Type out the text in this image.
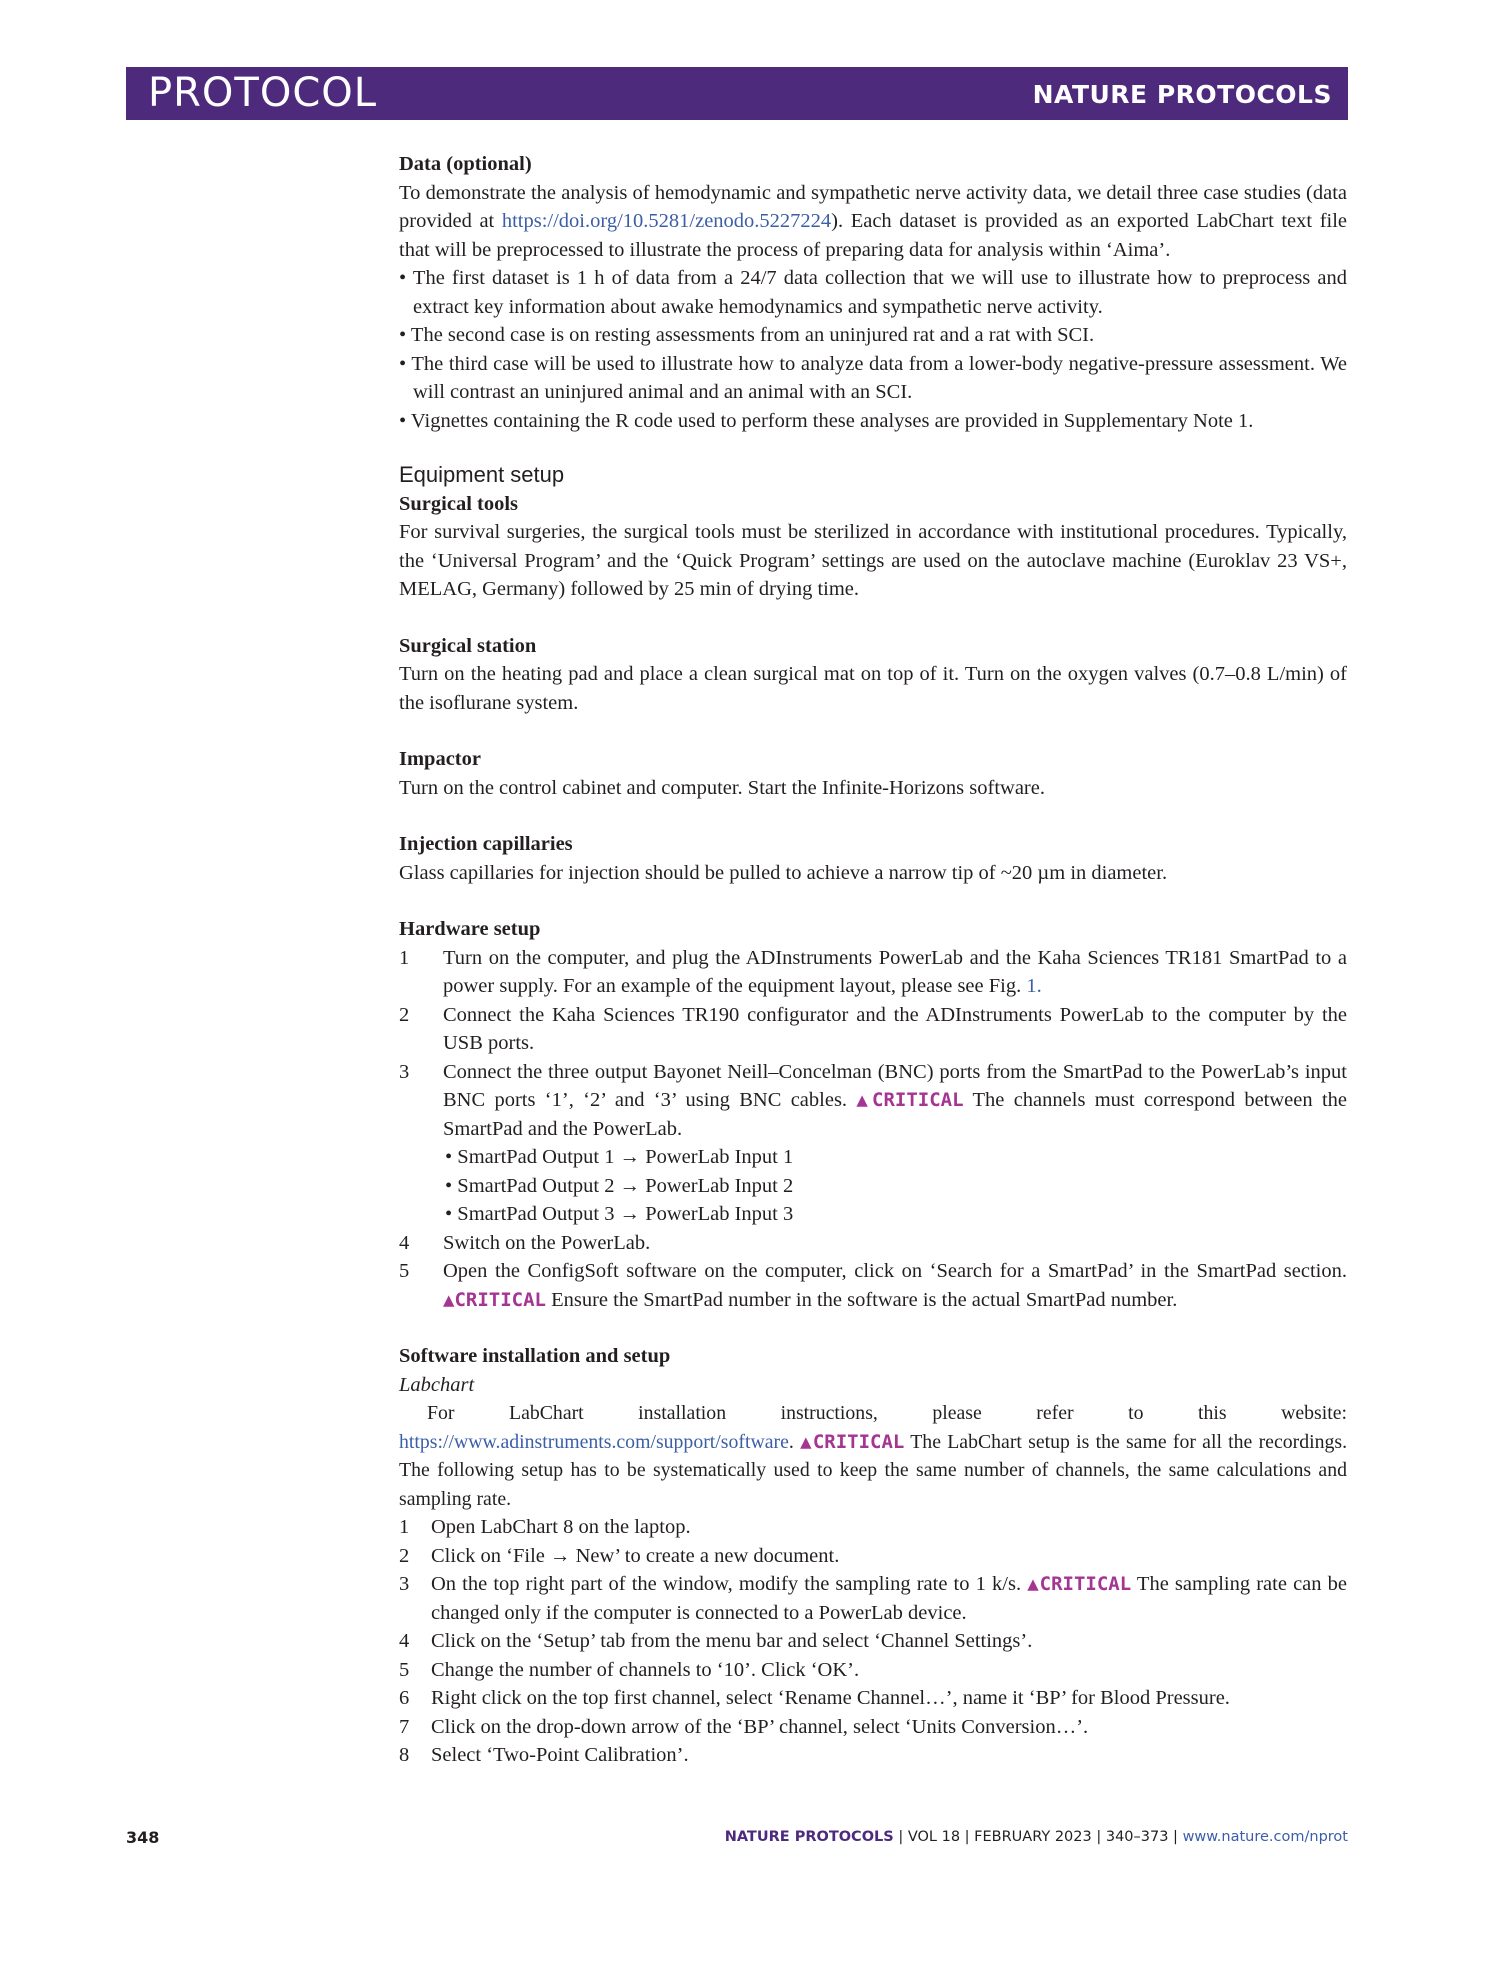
PROTOCOL	NATURE PROTOCOLS

Data (optional)

To demonstrate the analysis of hemodynamic and sympathetic nerve activity data, we detail three case studies (data provided at https://doi.org/10.5281/zenodo.5227224). Each dataset is provided as an exported LabChart text file that will be preprocessed to illustrate the process of preparing data for analysis within ‘Aima’.

• The first dataset is 1 h of data from a 24/7 data collection that we will use to illustrate how to preprocess and extract key information about awake hemodynamics and sympathetic nerve activity.

• The second case is on resting assessments from an uninjured rat and a rat with SCI.

• The third case will be used to illustrate how to analyze data from a lower-body negative-pressure assessment. We will contrast an uninjured animal and an animal with an SCI.

• Vignettes containing the R code used to perform these analyses are provided in Supplementary Note 1.

Equipment setup

Surgical tools

For survival surgeries, the surgical tools must be sterilized in accordance with institutional procedures. Typically, the ‘Universal Program’ and the ‘Quick Program’ settings are used on the autoclave machine (Euroklav 23 VS+, MELAG, Germany) followed by 25 min of drying time.

Surgical station

Turn on the heating pad and place a clean surgical mat on top of it. Turn on the oxygen valves (0.7–0.8 L/min) of the isoflurane system.

Impactor

Turn on the control cabinet and computer. Start the Infinite-Horizons software.

Injection capillaries

Glass capillaries for injection should be pulled to achieve a narrow tip of ~20 µm in diameter.

Hardware setup

1 Turn on the computer, and plug the ADInstruments PowerLab and the Kaha Sciences TR181 SmartPad to a power supply. For an example of the equipment layout, please see Fig. 1.

2 Connect the Kaha Sciences TR190 configurator and the ADInstruments PowerLab to the computer by the USB ports.

3 Connect the three output Bayonet Neill–Concelman (BNC) ports from the SmartPad to the PowerLab’s input BNC ports ‘1’, ‘2’ and ‘3’ using BNC cables. ▲CRITICAL The channels must correspond between the SmartPad and the PowerLab.

• SmartPad Output 1 → PowerLab Input 1

• SmartPad Output 2 → PowerLab Input 2

• SmartPad Output 3 → PowerLab Input 3

4 Switch on the PowerLab.

5 Open the ConfigSoft software on the computer, click on ‘Search for a SmartPad’ in the SmartPad section. ▲CRITICAL Ensure the SmartPad number in the software is the actual SmartPad number.

Software installation and setup

Labchart

For LabChart installation instructions, please refer to this website: https://www.adinstruments.com/support/software. ▲CRITICAL The LabChart setup is the same for all the recordings. The following setup has to be systematically used to keep the same number of channels, the same calculations and sampling rate.

1 Open LabChart 8 on the laptop.

2 Click on ‘File → New’ to create a new document.

3 On the top right part of the window, modify the sampling rate to 1 k/s. ▲CRITICAL The sampling rate can be changed only if the computer is connected to a PowerLab device.

4 Click on the ‘Setup’ tab from the menu bar and select ‘Channel Settings’.

5 Change the number of channels to ‘10’. Click ‘OK’.

6 Right click on the top first channel, select ‘Rename Channel…’, name it ‘BP’ for Blood Pressure.

7 Click on the drop-down arrow of the ‘BP’ channel, select ‘Units Conversion…’.

8 Select ‘Two-Point Calibration’.

348	NATURE PROTOCOLS | VOL 18 | FEBRUARY 2023 | 340–373 | www.nature.com/nprot
